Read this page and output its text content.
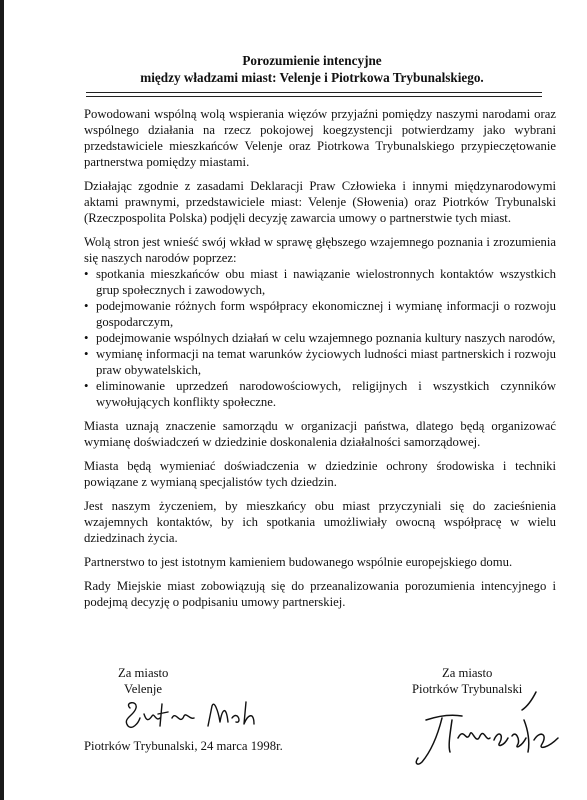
Porozumienie intencyjne
między władzami miast: Velenje i Piotrkowa Trybunalskiego.

Powodowani wspólną wolą wspierania więzów przyjaźni pomiędzy naszymi narodami oraz wspólnego działania na rzecz pokojowej koegzystencji potwierdzamy jako wybrani przedstawiciele mieszkańców Velenje oraz Piotrkowa Trybunalskiego przypieczętowanie partnerstwa pomiędzy miastami.

Działając zgodnie z zasadami Deklaracji Praw Człowieka i innymi międzynarodowymi aktami prawnymi, przedstawiciele miast: Velenje (Słowenia) oraz Piotrków Trybunalski (Rzeczpospolita Polska) podjęli decyzję zawarcia umowy o partnerstwie tych miast.

Wolą stron jest wnieść swój wkład w sprawę głębszego wzajemnego poznania i zrozumienia się naszych narodów poprzez:

• spotkania mieszkańców obu miast i nawiązanie wielostronnych kontaktów wszystkich grup społecznych i zawodowych,
• podejmowanie różnych form współpracy ekonomicznej i wymianę informacji o rozwoju gospodarczym,
• podejmowanie wspólnych działań w celu wzajemnego poznania kultury naszych narodów,
• wymianę informacji na temat warunków życiowych ludności miast partnerskich i rozwoju praw obywatelskich,
• eliminowanie uprzedzeń narodowościowych, religijnych i wszystkich czynników wywołujących konflikty społeczne.

Miasta uznają znaczenie samorządu w organizacji państwa, dlatego będą organizować wymianę doświadczeń w dziedzinie doskonalenia działalności samorządowej.

Miasta będą wymieniać doświadczenia w dziedzinie ochrony środowiska i techniki powiązane z wymianą specjalistów tych dziedzin.

Jest naszym życzeniem, by mieszkańcy obu miast przyczyniali się do zacieśnienia wzajemnych kontaktów, by ich spotkania umożliwiały owocną współpracę w wielu dziedzinach życia.

Partnerstwo to jest istotnym kamieniem budowanego wspólnie europejskiego domu.

Rady Miejskie miast zobowiązują się do przeanalizowania porozumienia intencyjnego i podejmą decyzję o podpisaniu umowy partnerskiej.

Za miasto
Velenje
Za miasto
Piotrków Trybunalski
Piotrków Trybunalski, 24 marca 1998r.
